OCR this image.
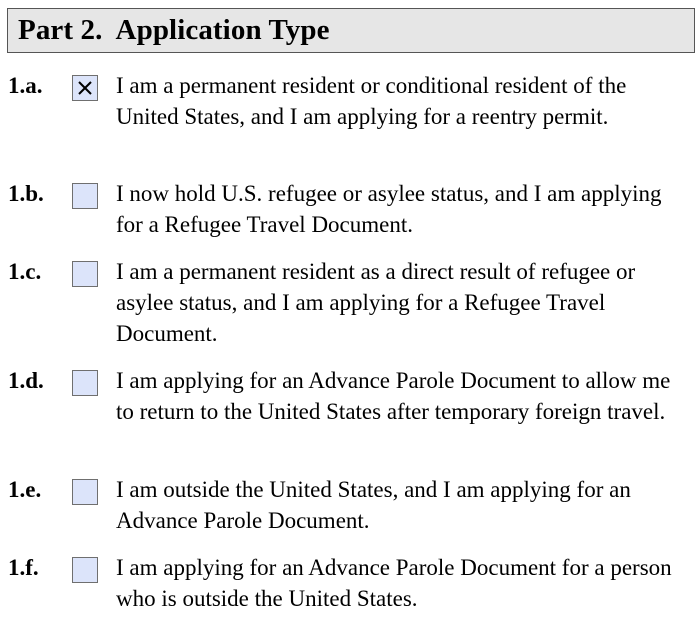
Part 2.  Application Type
1.a.	I am a permanent resident or conditional resident of the United States, and I am applying for a reentry permit.
1.b.	I now hold U.S. refugee or asylee status, and I am applying for a Refugee Travel Document.
1.c.	I am a permanent resident as a direct result of refugee or asylee status, and I am applying for a Refugee Travel Document.
1.d.	I am applying for an Advance Parole Document to allow me to return to the United States after temporary foreign travel.
1.e.	I am outside the United States, and I am applying for an Advance Parole Document.
1.f.	I am applying for an Advance Parole Document for a person who is outside the United States.
